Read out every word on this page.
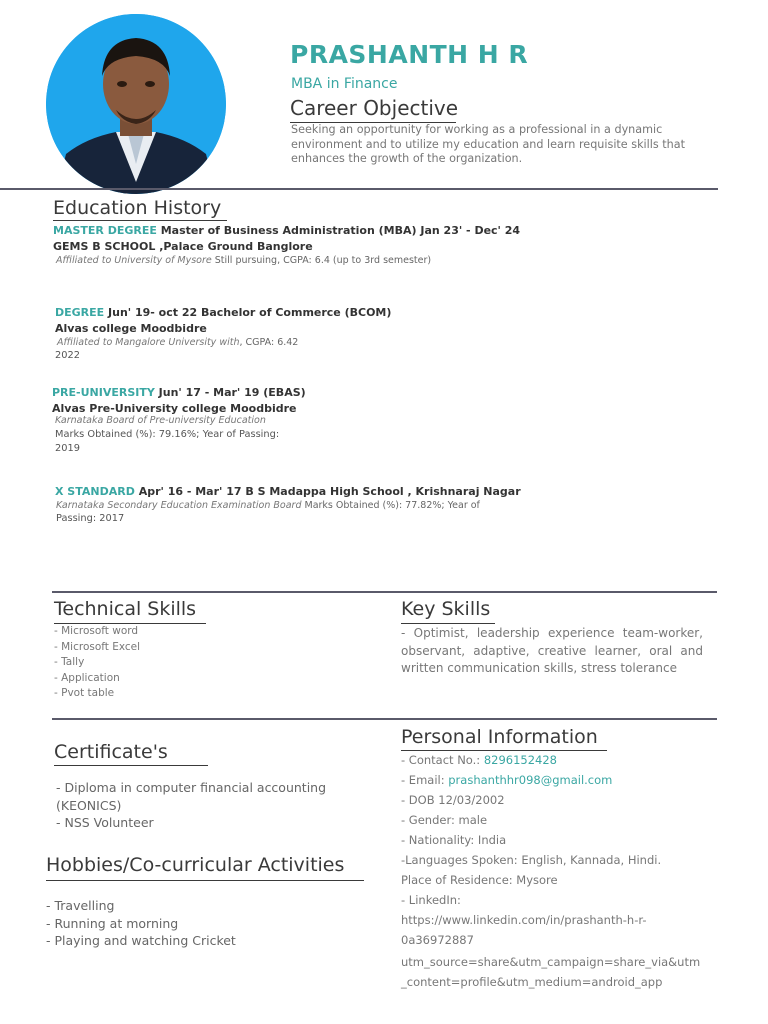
PRASHANTH H R
MBA in Finance
Career Objective
Seeking an opportunity for working as a professional in a dynamic environment and to utilize my education and learn requisite skills that enhances the growth of the organization.
Education History
MASTER DEGREE Master of Business Administration (MBA) Jan 23' - Dec' 24
GEMS B SCHOOL ,Palace Ground Banglore
Affiliated to University of Mysore Still pursuing, CGPA: 6.4 (up to 3rd semester)
DEGREE Jun' 19- oct 22 Bachelor of Commerce (BCOM)
Alvas college Moodbidre
Affiliated to Mangalore University with, CGPA: 6.42
2022
PRE-UNIVERSITY Jun' 17 - Mar' 19 (EBAS)
Alvas Pre-University college Moodbidre
Karnataka Board of Pre-university Education
Marks Obtained (%): 79.16%; Year of Passing:
2019
X STANDARD Apr' 16 - Mar' 17 B S Madappa High School , Krishnaraj Nagar
Karnataka Secondary Education Examination Board Marks Obtained (%): 77.82%; Year of
Passing: 2017
Technical Skills
- Microsoft word
- Microsoft Excel
- Tally
- Application
- Pvot table
Key Skills
- Optimist, leadership experience team-worker, observant, adaptive, creative learner, oral and written communication skills, stress tolerance
Certificate's
- Diploma in computer financial accounting (KEONICS)
- NSS Volunteer
Hobbies/Co-curricular Activities
- Travelling
- Running at morning
- Playing and watching Cricket
Personal Information
- Contact No.: 8296152428
- Email: prashanthhr098@gmail.com
- DOB 12/03/2002
- Gender: male
- Nationality: India
-Languages Spoken: English, Kannada, Hindi.
Place of Residence: Mysore
- LinkedIn:
https://www.linkedin.com/in/prashanth-h-r-
0a36972887
utm_source=share&utm_campaign=share_via&utm
_content=profile&utm_medium=android_app
